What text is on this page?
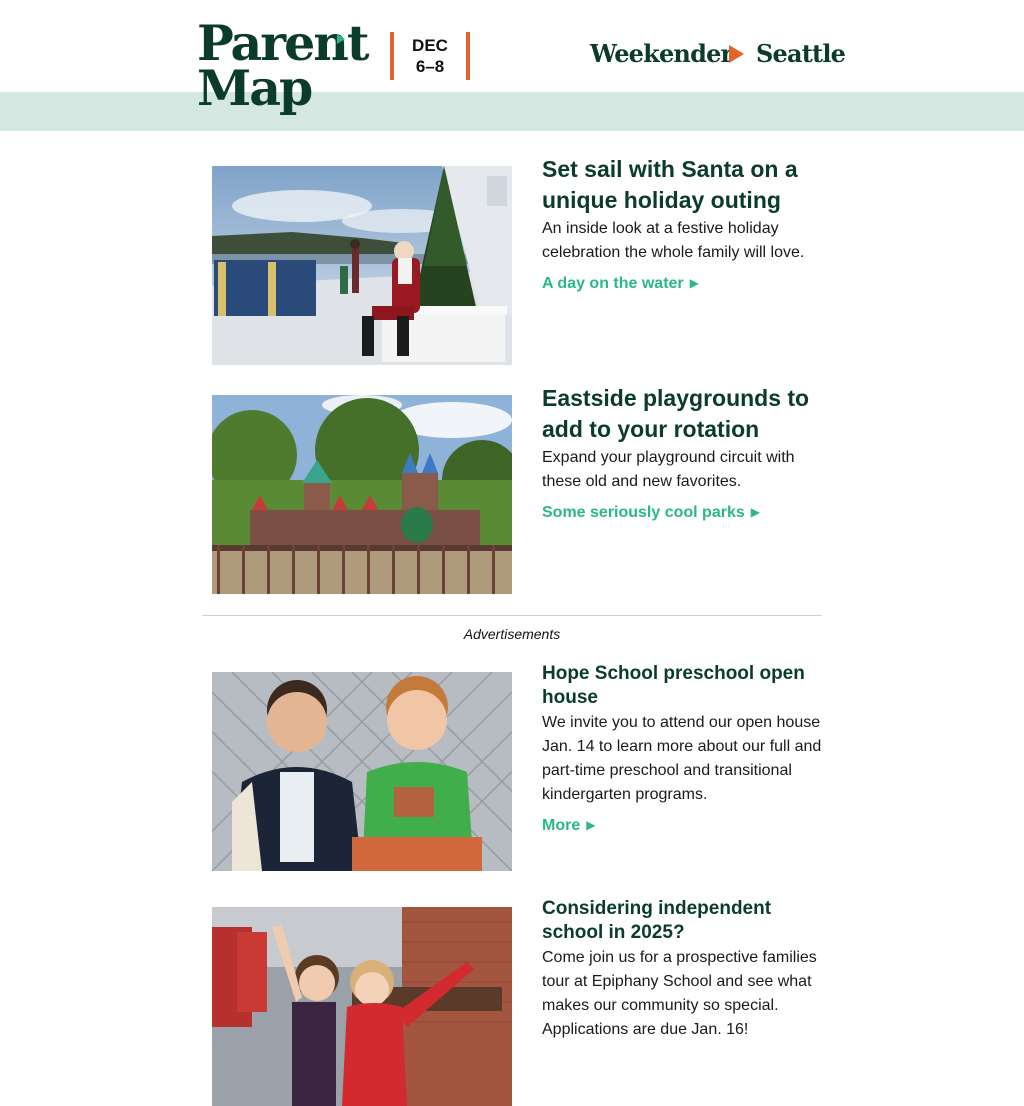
Parent
Map
DEC
6–8	Weekender Seattle
Set sail with Santa on a unique holiday outing

An inside look at a festive holiday celebration the whole family will love.

A day on the water ▶
Eastside playgrounds to add to your rotation

Expand your playground circuit with these old and new favorites.

Some seriously cool parks ▶
Advertisements
Hope School preschool open house

We invite you to attend our open house Jan. 14 to learn more about our full and part-time preschool and transitional kindergarten programs.

More ▶
Considering independent school in 2025?

Come join us for a prospective families tour at Epiphany School and see what makes our community so special. Applications are due Jan. 16!
